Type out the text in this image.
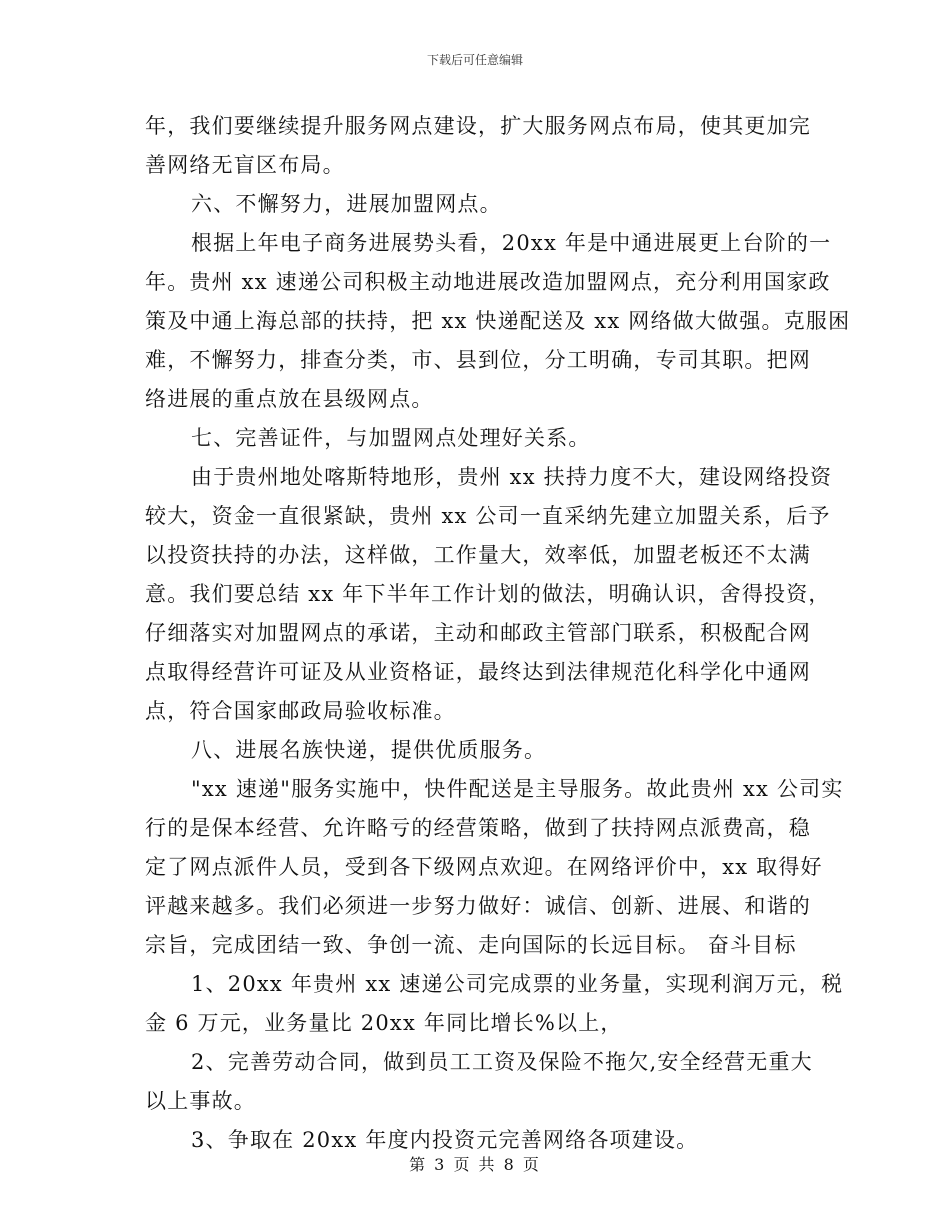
下载后可任意编辑
年，我们要继续提升服务网点建设，扩大服务网点布局，使其更加完
善网络无盲区布局。
六、不懈努力，进展加盟网点。
根据上年电子商务进展势头看，20xx 年是中通进展更上台阶的一
年。贵州 xx 速递公司积极主动地进展改造加盟网点，充分利用国家政
策及中通上海总部的扶持，把 xx 快递配送及 xx 网络做大做强。克服困
难，不懈努力，排查分类，市、县到位，分工明确，专司其职。把网
络进展的重点放在县级网点。
七、完善证件，与加盟网点处理好关系。
由于贵州地处喀斯特地形，贵州 xx 扶持力度不大，建设网络投资
较大，资金一直很紧缺，贵州 xx 公司一直采纳先建立加盟关系，后予
以投资扶持的办法，这样做，工作量大，效率低，加盟老板还不太满
意。我们要总结 xx 年下半年工作计划的做法，明确认识，舍得投资，
仔细落实对加盟网点的承诺，主动和邮政主管部门联系，积极配合网
点取得经营许可证及从业资格证，最终达到法律规范化科学化中通网
点，符合国家邮政局验收标准。
八、进展名族快递，提供优质服务。
"xx 速递"服务实施中，快件配送是主导服务。故此贵州 xx 公司实
行的是保本经营、允许略亏的经营策略，做到了扶持网点派费高，稳
定了网点派件人员，受到各下级网点欢迎。在网络评价中，xx 取得好
评越来越多。我们必须进一步努力做好：诚信、创新、进展、和谐的
宗旨，完成团结一致、争创一流、走向国际的长远目标。 奋斗目标
1、20xx 年贵州 xx 速递公司完成票的业务量，实现利润万元，税
金 6 万元，业务量比 20xx 年同比增长%以上，
2、完善劳动合同，做到员工工资及保险不拖欠,安全经营无重大
以上事故。
3、争取在 20xx 年度内投资元完善网络各项建设。
第 3 页 共 8 页
